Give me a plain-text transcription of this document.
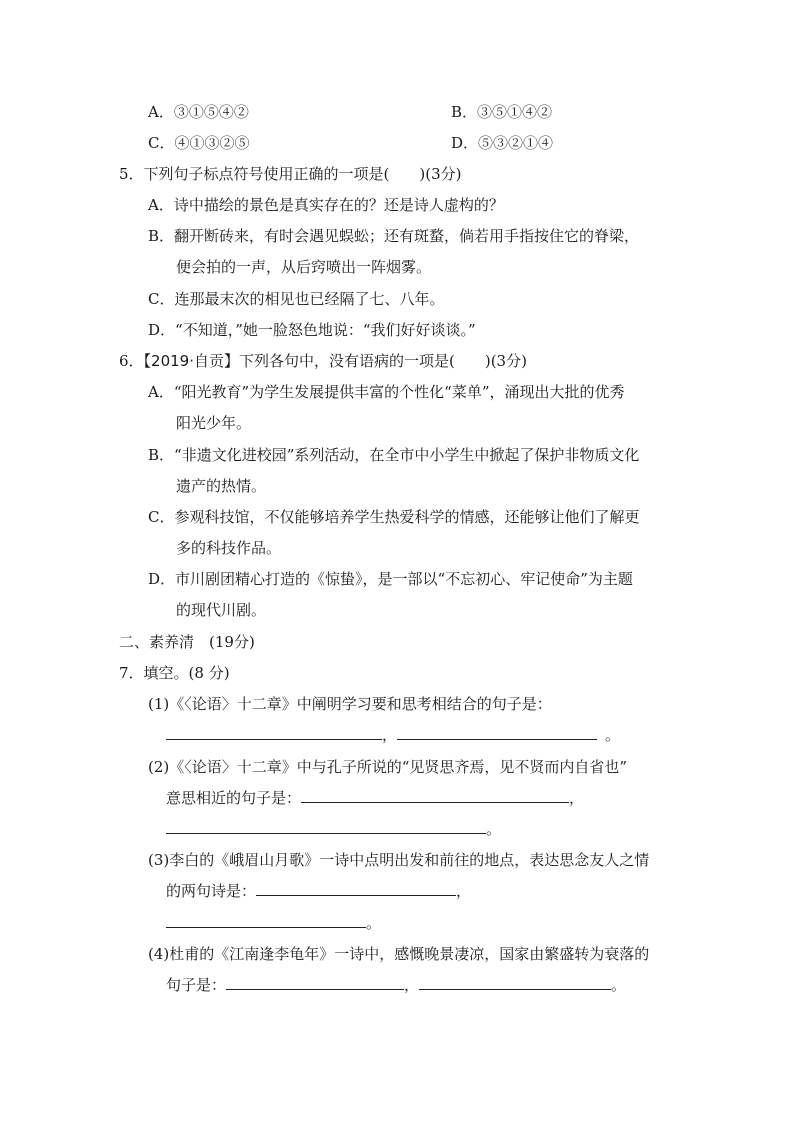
A．③①⑤④②	B．③⑤①④②
C．④①③②⑤	D．⑤③②①④
5．下列句子标点符号使用正确的一项是(　　)(3分)
A．诗中描绘的景色是真实存在的？还是诗人虚构的？
B．翻开断砖来，有时会遇见蜈蚣；还有斑蝥，倘若用手指按住它的脊梁，
便会拍的一声，从后窍喷出一阵烟雾。
C．连那最末次的相见也已经隔了七、八年。
D．“不知道，”她一脸怒色地说：“我们好好谈谈。”
6．【2019·自贡】下列各句中，没有语病的一项是(　　)(3分)
A．“阳光教育”为学生发展提供丰富的个性化“菜单”，涌现出大批的优秀
阳光少年。
B．“非遗文化进校园”系列活动，在全市中小学生中掀起了保护非物质文化
遗产的热情。
C．参观科技馆，不仅能够培养学生热爱科学的情感，还能够让他们了解更
多的科技作品。
D．市川剧团精心打造的《惊蛰》，是一部以“不忘初心、牢记使命”为主题
的现代川剧。
二、素养清　(19分)
7．填空。(8 分)
(1)《〈论语〉十二章》中阐明学习要和思考相结合的句子是：
，	。
(2)《〈论语〉十二章》中与孔子所说的“见贤思齐焉，见不贤而内自省也”
意思相近的句子是：	，
。
(3)李白的《峨眉山月歌》一诗中点明出发和前往的地点，表达思念友人之情
的两句诗是：	，
。
(4)杜甫的《江南逢李龟年》一诗中，感慨晚景凄凉，国家由繁盛转为衰落的
句子是：	，	。
